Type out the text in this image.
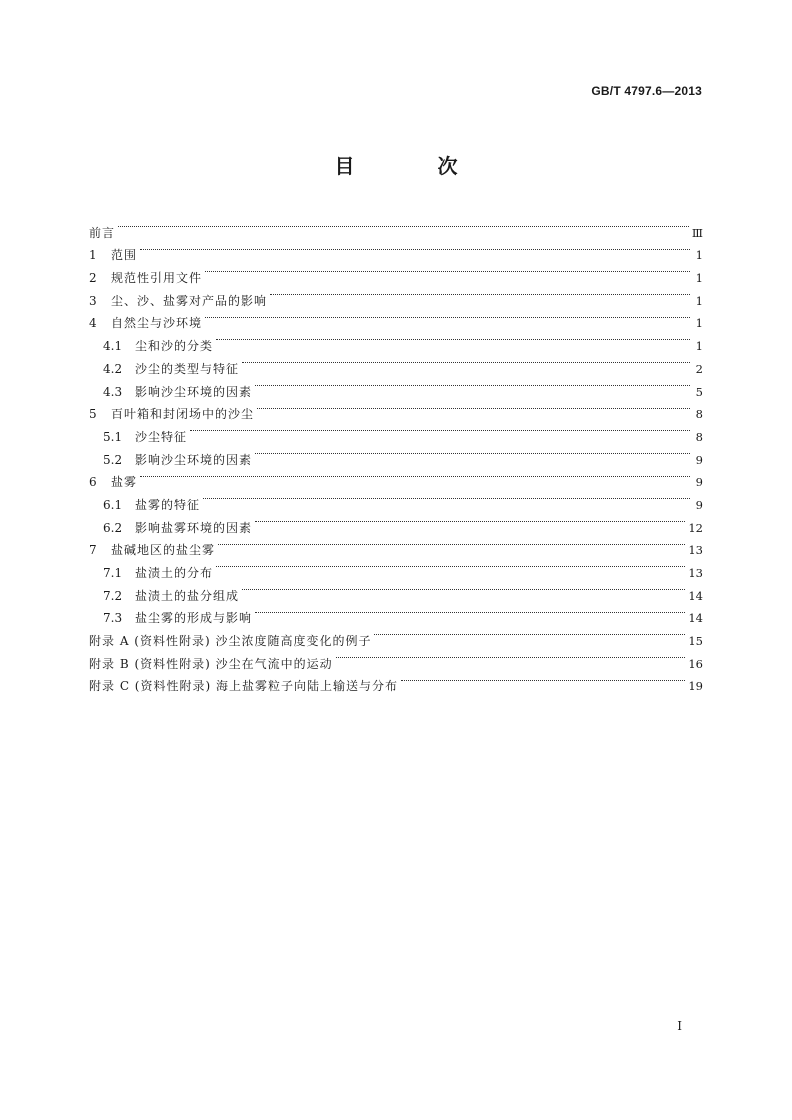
GB/T 4797.6—2013
目 次
前言	Ⅲ
1	范围	1
2	规范性引用文件	1
3	尘、沙、盐雾对产品的影响	1
4	自然尘与沙环境	1
4.1	尘和沙的分类	1
4.2	沙尘的类型与特征	2
4.3	影响沙尘环境的因素	5
5	百叶箱和封闭场中的沙尘	8
5.1	沙尘特征	8
5.2	影响沙尘环境的因素	9
6	盐雾	9
6.1	盐雾的特征	9
6.2	影响盐雾环境的因素	12
7	盐碱地区的盐尘雾	13
7.1	盐渍土的分布	13
7.2	盐渍土的盐分组成	14
7.3	盐尘雾的形成与影响	14
附录 A (资料性附录) 沙尘浓度随高度变化的例子	15
附录 B (资料性附录) 沙尘在气流中的运动	16
附录 C (资料性附录) 海上盐雾粒子向陆上输送与分布	19
I
